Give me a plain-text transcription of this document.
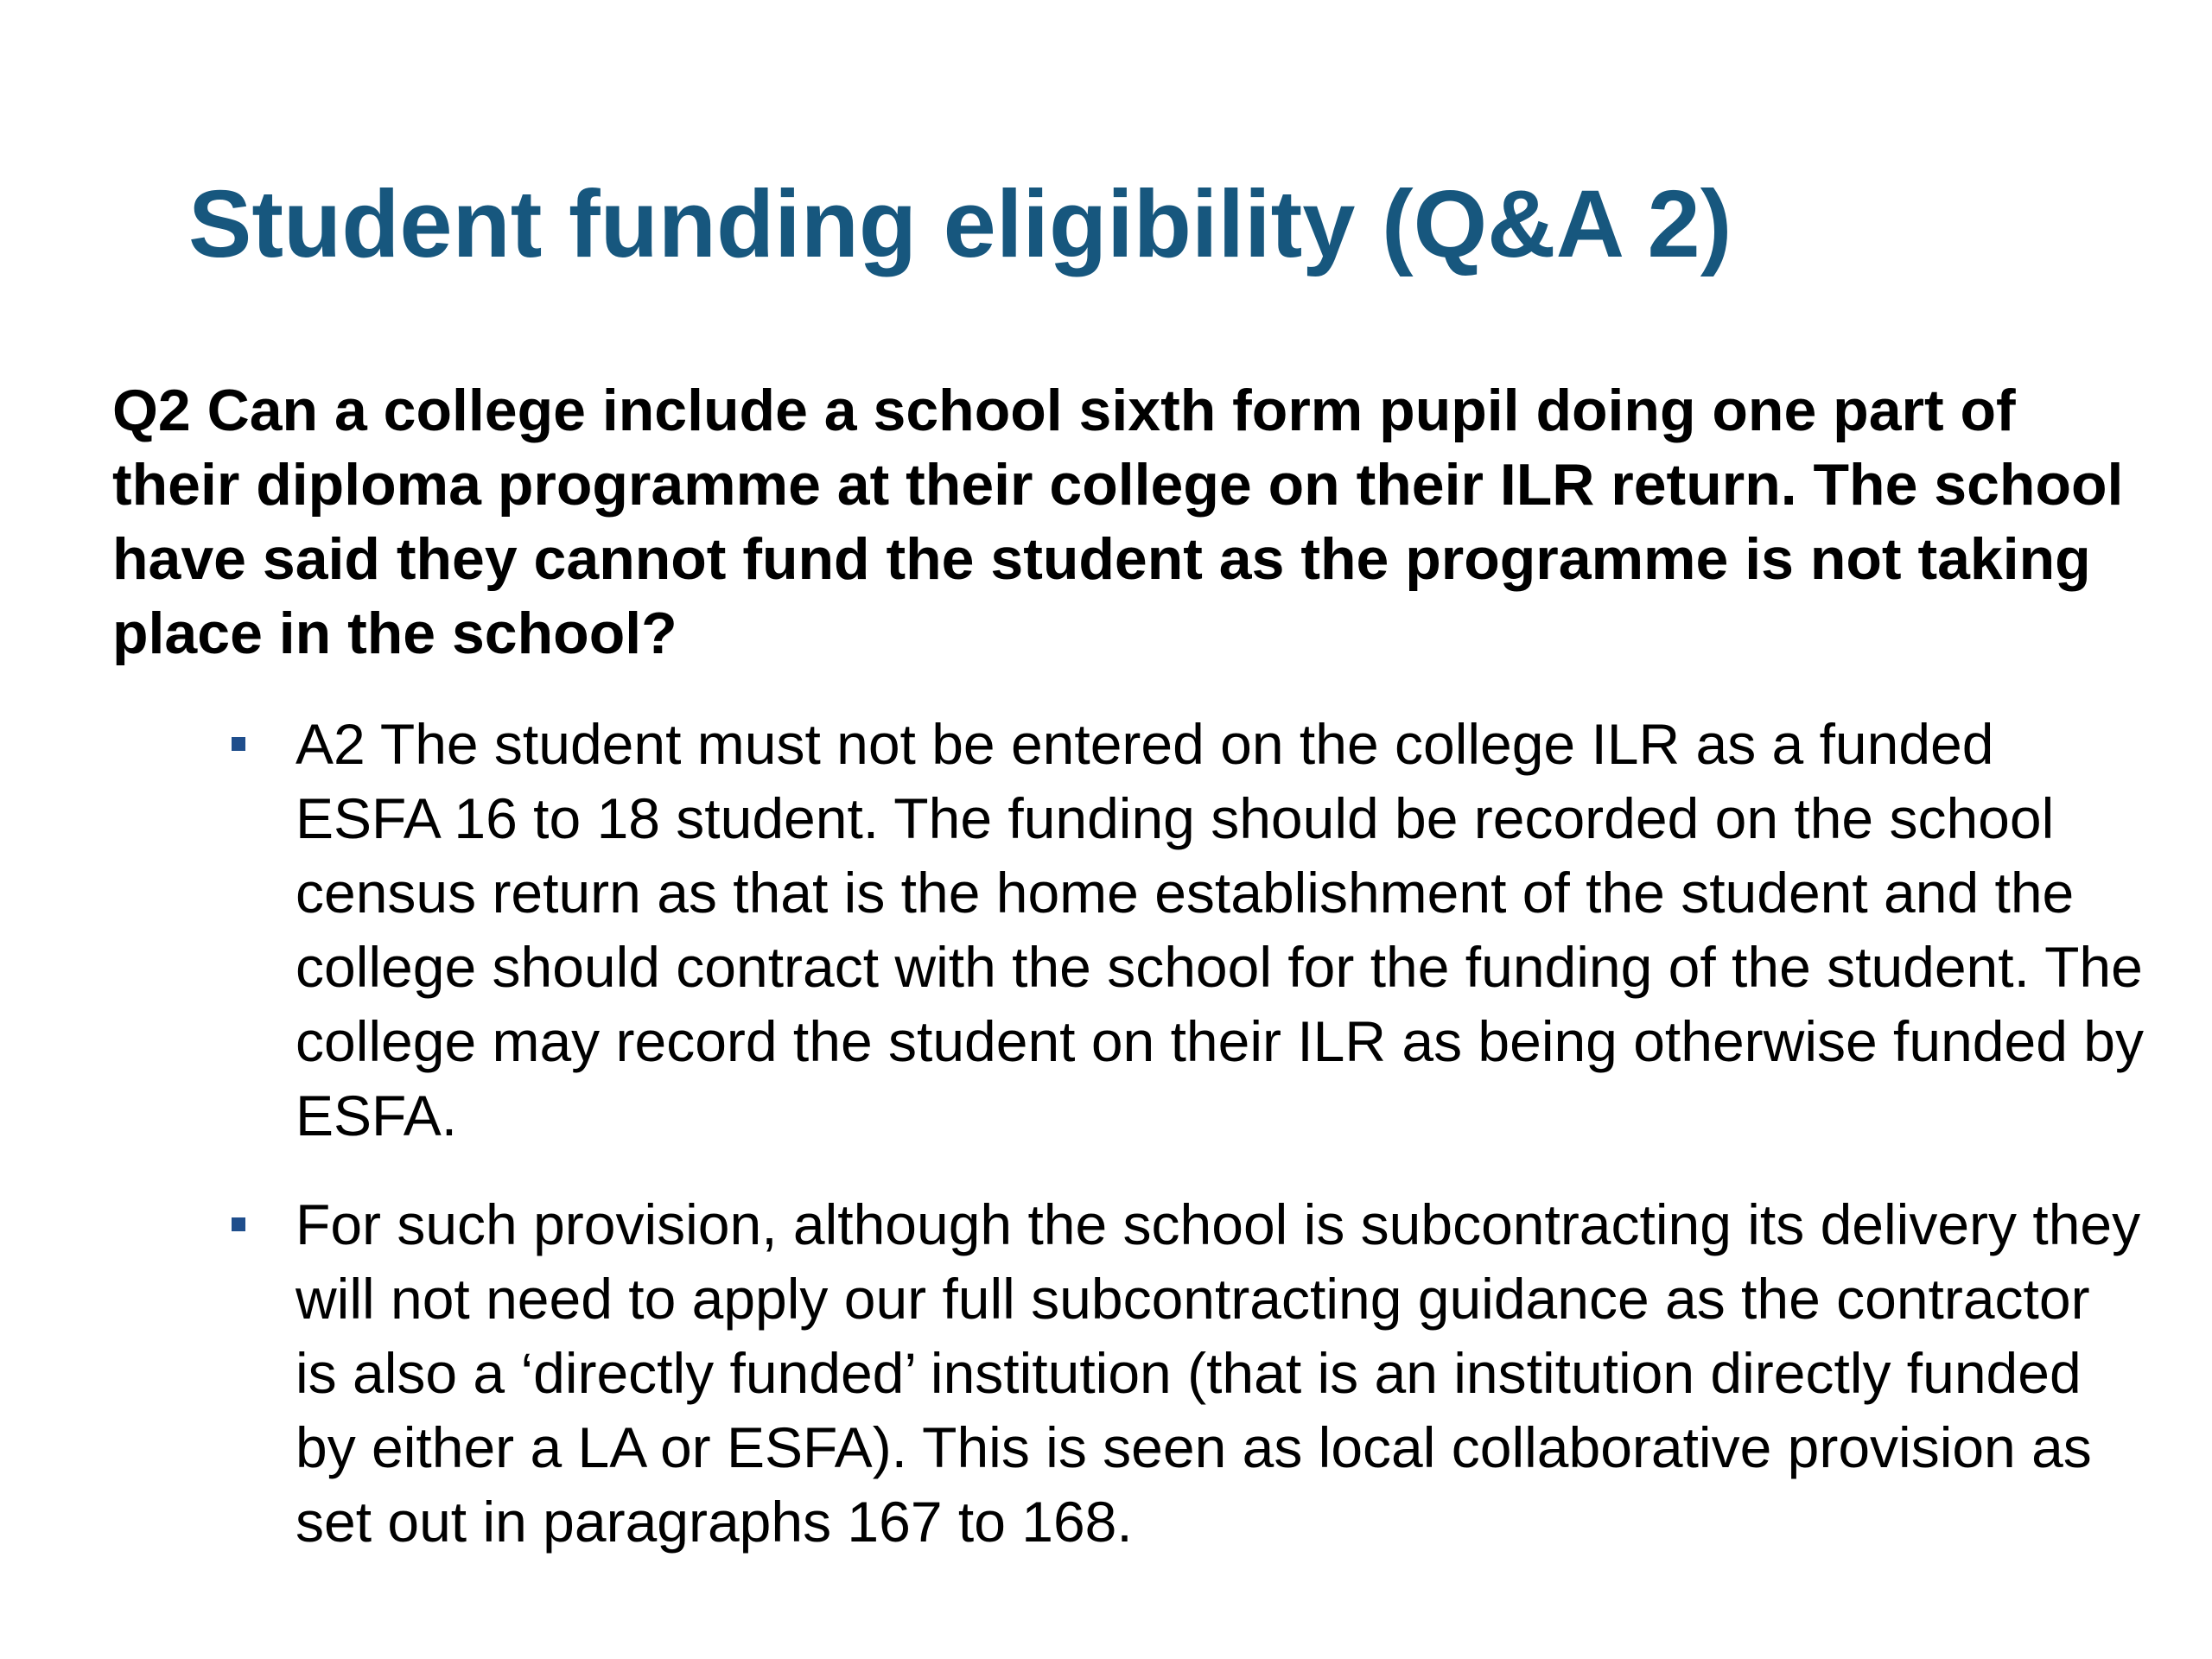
Student funding eligibility (Q&A 2)

Q2 Can a college include a school sixth form pupil doing one part of their diploma programme at their college on their ILR return. The school have said they cannot fund the student as the programme is not taking place in the school?

A2 The student must not be entered on the college ILR as a funded ESFA 16 to 18 student. The funding should be recorded on the school census return as that is the home establishment of the student and the college should contract with the school for the funding of the student. The college may record the student on their ILR as being otherwise funded by ESFA.
For such provision, although the school is subcontracting its delivery they will not need to apply our full subcontracting guidance as the contractor is also a ‘directly funded’ institution (that is an institution directly funded by either a LA or ESFA). This is seen as local collaborative provision as set out in paragraphs 167 to 168.
